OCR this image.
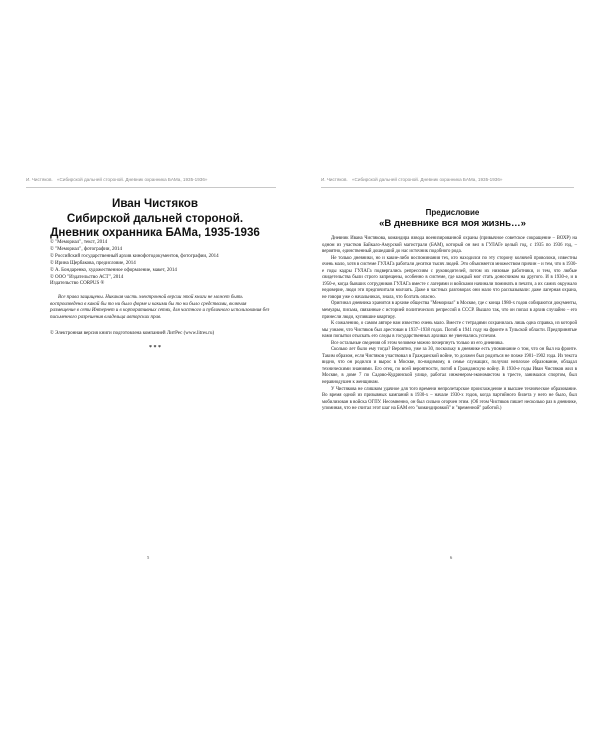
И. Чистяков. «Сибирской дальней стороной. Дневник охранника БАМа, 1935-1936»
Иван Чистяков
Сибирской дальней стороной.
Дневник охранника БАМа, 1935-1936
© "Мемориал", текст, 2014
© "Мемориал", фотографии, 2014
© Российский государственный архив кинофотодокументов, фотографии, 2014
© Ирина Щербакова, предисловие, 2014
© А. Бондаренко, художественное оформление, макет, 2014
© ООО "Издательство АСТ", 2014
Издательство CORPUS ®
Все права защищены. Никакая часть электронной версии этой книги не может быть воспроизведена в какой бы то ни было форме и какими бы то ни было средствами, включая размещение в сети Интернет и в корпоративных сетях, для частного и публичного использования без письменного разрешения владельца авторских прав.
© Электронная версия книги подготовлена компанией ЛитРес (www.litres.ru)
* * *
5
И. Чистяков. «Сибирской дальней стороной. Дневник охранника БАМа, 1935-1936»
Предисловие
«В дневнике вся моя жизнь…»

Дневник Ивана Чистякова, командира взвода военизированной охраны (привычное советское сокращение – ВОХР) на одном из участков Байкало-Амурской магистрали (БАМ), который он вел в ГУЛАГе целый год, с 1935 по 1936 год, – вероятно, единственный дошедший до нас источник подобного рода.

Не только дневники, но и какие-либо воспоминания тех, кто находился по эту сторону колючей проволоки, известны очень мало, хотя в системе ГУЛАГа работали десятки тысяч людей. Это объясняется множеством причин – и тем, что в 1930-е годы кадры ГУЛАГа подвергались репрессиям с руководителей, потом их низовые работники, и тем, что любые свидетельства были строго запрещены, особенно в системе, где каждый мог стать доносчиком на другого. И в 1930-е, и в 1950-е, когда бывших сотрудников ГУЛАГа вместе с лагерями и войсками начинали поминать в печати, а их самих окружало недоверие, люди эти предпочитали молчать. Даже в частных разговорах они мало что рассказывали: даже лагерная охрана, не говоря уже о начальниках, знала, что болтать опасно.

Оригинал дневника хранится в архиве общества "Мемориал" в Москве, где с конца 1980-х годов собираются документы, мемуары, письма, связанные с историей политических репрессий в СССР. Вышло так, что он попал в архив случайно – его принесли люди, купившие квартиру.

К сожалению, о самом авторе нам известно очень мало. Вместе с тетрадями сохранилась лишь одна справка, из которой мы узнаем, что Чистяков был арестован в 1937–1938 годах. Погиб в 1941 году на фронте в Тульской области. Предпринятые нами попытки отыскать его следы в государственных архивах не увенчались успехом.

Все остальные сведения об этом человеке можно почерпнуть только из его дневника.

Сколько лет было ему тогда? Вероятно, уже за 30, поскольку в дневнике есть упоминание о том, что он был на фронте. Таким образом, если Чистяков участвовал в Гражданской войне, то должен был родиться не позже 1901–1902 года. Из текста видно, что он родился и вырос в Москве, по-видимому, в семье служащих, получил неплохое образование, обладал техническими знаниями. Его отец, по всей вероятности, погиб в Гражданскую войну. В 1930-е годы Иван Чистяков жил в Москве, в доме 7 по Садово-Кудринской улице, работал инженером-экономистом в тресте, занимался спортом, был неравнодушен к женщинам.

У Чистякова не слишком удачное для того времени непролетарское происхождение и высшее техническое образование. Во время одной из призывных кампаний в 1930-х – начале 1930-х годов, когда партийного билета у него не было, был мобилизован в войска ОГПУ. Несомненно, он был сильно огорчен этим. (Об этом Чистяков пишет несколько раз в дневнике, упоминая, что не считал этот шаг на БАМ его "командировкой" и "временной" работой.)

6
